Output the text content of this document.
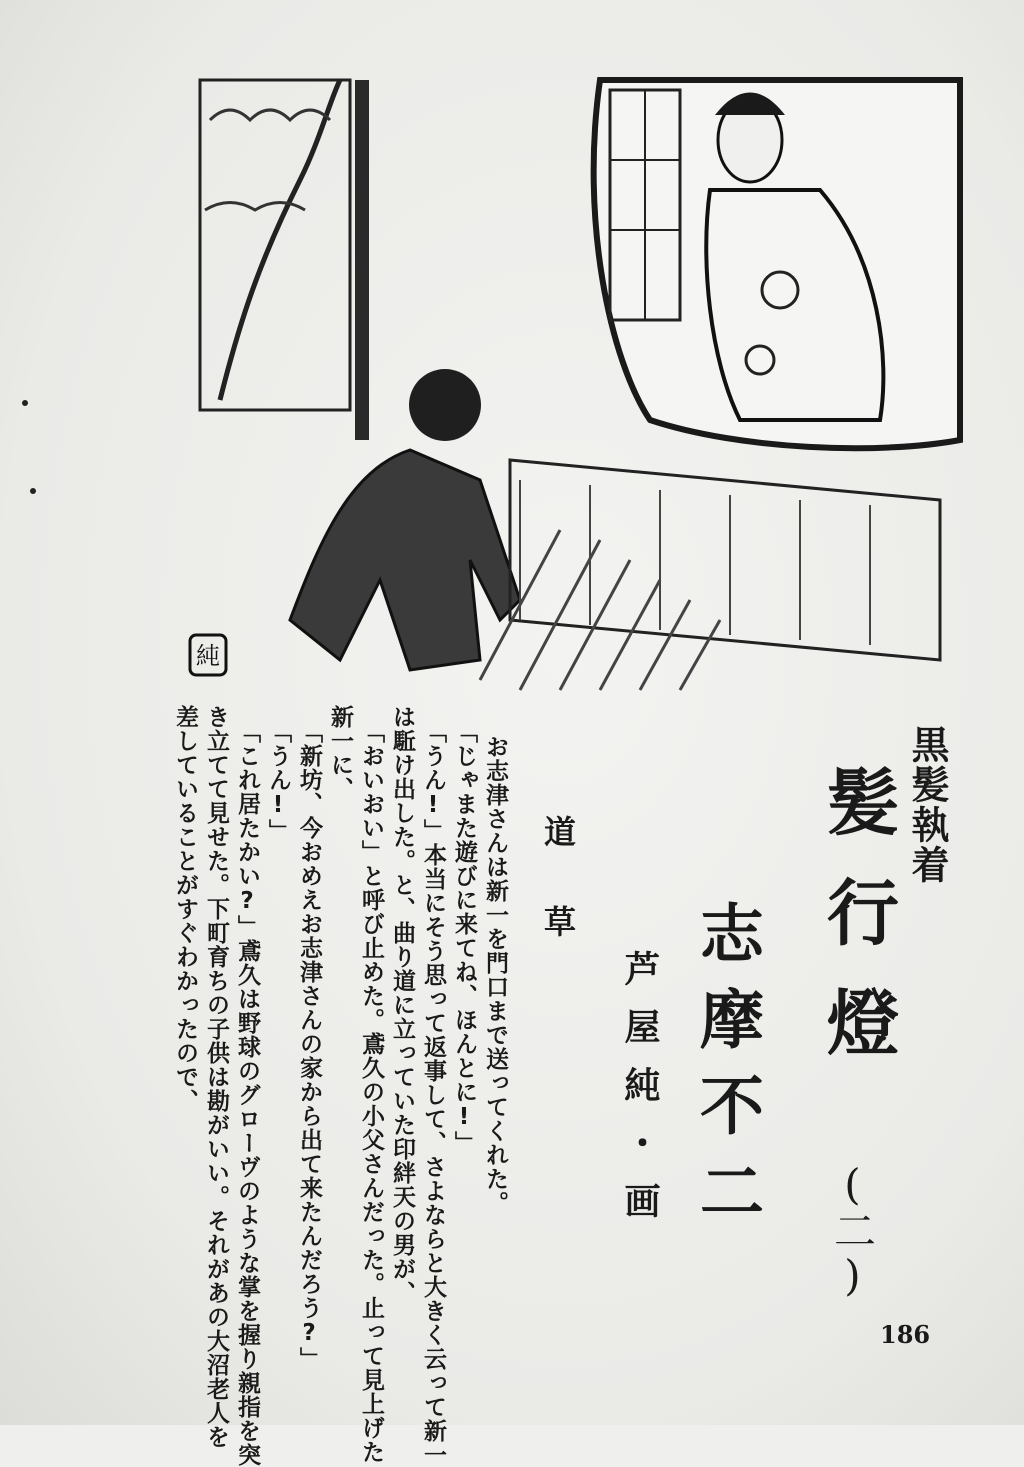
純
黒髪執着
髪行燈
(二)
志摩不二
芦屋純・画
道草
お志津さんは新一を門口まで送ってくれた。
「じゃまた遊びに来てね、ほんとに!」
「うん!」本当にそう思って返事して、さよならと大きく云って新一
は駈け出した。と、曲り道に立っていた印絆天の男が、
「おいおい」と呼び止めた。鳶久の小父さんだった。止って見上げた
新一に、
「新坊、今おめえお志津さんの家から出て来たんだろう?」
「うん!」
「これ居たかい?」鳶久は野球のグローヴのような掌を握り親指を突
き立てて見せた。下町育ちの子供は勘がいい。それがあの大沼老人を
差していることがすぐわかったので、
186
